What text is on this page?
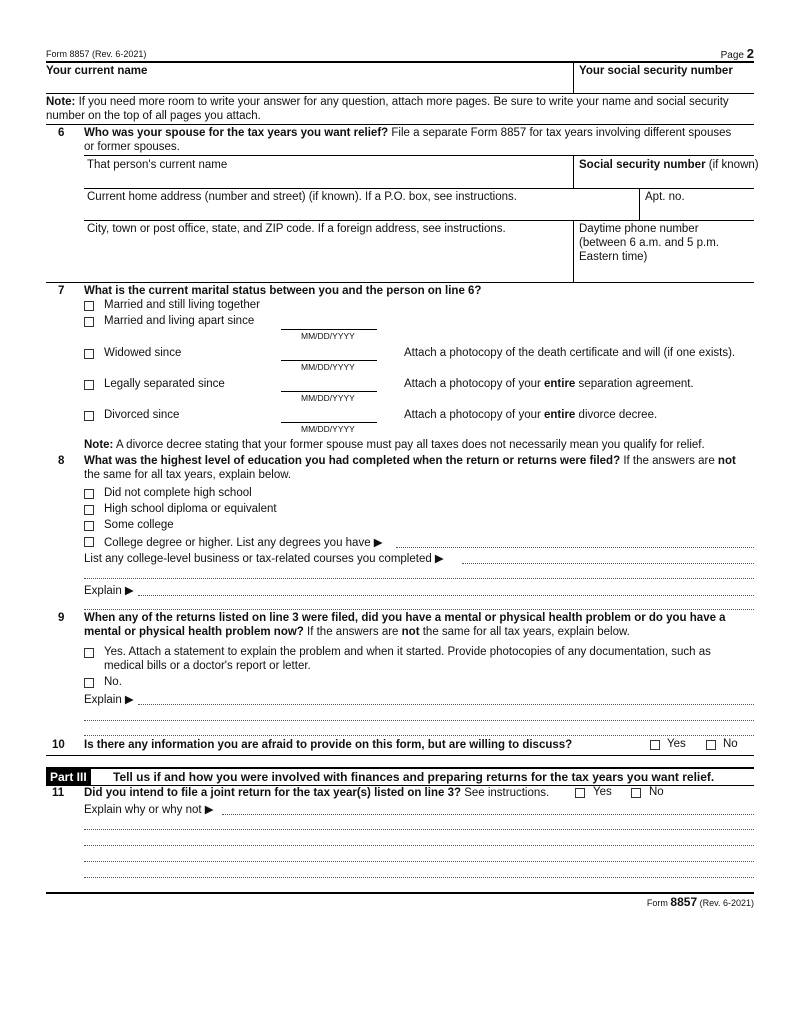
Form 8857 (Rev. 6-2021)	Page 2
Your current name	Your social security number
Note: If you need more room to write your answer for any question, attach more pages. Be sure to write your name and social security
number on the top of all pages you attach.
6 Who was your spouse for the tax years you want relief? File a separate Form 8857 for tax years involving different spouses
or former spouses.
That person's current name	Social security number (if known)
Current home address (number and street) (if known). If a P.O. box, see instructions.	Apt. no.
City, town or post office, state, and ZIP code. If a foreign address, see instructions.	Daytime phone number
(between 6 a.m. and 5 p.m.
Eastern time)
7 What is the current marital status between you and the person on line 6?
Married and still living together
Married and living apart since
MM/DD/YYYY
Widowed since
MM/DD/YYYY
Attach a photocopy of the death certificate and will (if one exists).
Legally separated since
MM/DD/YYYY
Attach a photocopy of your entire separation agreement.
Divorced since
MM/DD/YYYY
Attach a photocopy of your entire divorce decree.
Note: A divorce decree stating that your former spouse must pay all taxes does not necessarily mean you qualify for relief.
8 What was the highest level of education you had completed when the return or returns were filed? If the answers are not
the same for all tax years, explain below.
Did not complete high school
High school diploma or equivalent
Some college
College degree or higher. List any degrees you have ▶
List any college-level business or tax-related courses you completed ▶
Explain ▶
9 When any of the returns listed on line 3 were filed, did you have a mental or physical health problem or do you have a
mental or physical health problem now? If the answers are not the same for all tax years, explain below.
Yes. Attach a statement to explain the problem and when it started. Provide photocopies of any documentation, such as
medical bills or a doctor's report or letter.
No.
Explain ▶
10 Is there any information you are afraid to provide on this form, but are willing to discuss?	Yes	No
Part III	Tell us if and how you were involved with finances and preparing returns for the tax years you want relief.
11 Did you intend to file a joint return for the tax year(s) listed on line 3? See instructions.	Yes	No
Explain why or why not ▶
Form 8857 (Rev. 6-2021)
